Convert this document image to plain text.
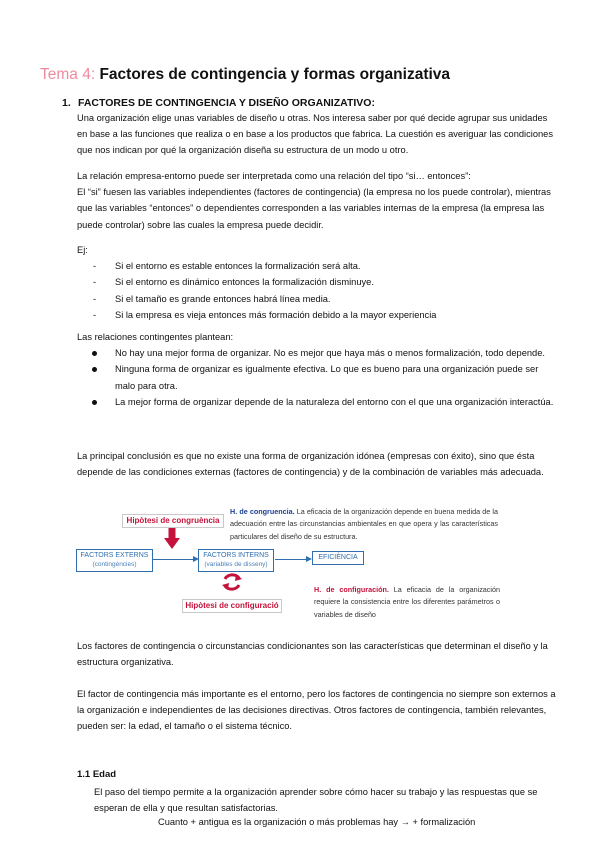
Tema 4: Factores de contingencia y formas organizativa
1. FACTORES DE CONTINGENCIA Y DISEÑO ORGANIZATIVO:

Una organización elige unas variables de diseño u otras. Nos interesa saber por qué decide agrupar sus unidades en base a las funciones que realiza o en base a los productos que fabrica. La cuestión es averiguar las condiciones que nos indican por qué la organización diseña su estructura de un modo u otro.

La relación empresa-entorno puede ser interpretada como una relación del tipo “si… entonces”:

El “si” fuesen las variables independientes (factores de contingencia) (la empresa no los puede controlar), mientras que las variables “entonces” o dependientes corresponden a las variables internas de la empresa (la empresa las puede controlar) sobre las cuales la empresa puede decidir.

Ej:

- Si el entorno es estable entonces la formalización será alta.
- Si el entorno es dinámico entonces la formalización disminuye.
- Si el tamaño es grande entonces habrá línea media.
- Si la empresa es vieja entonces más formación debido a la mayor experiencia

Las relaciones contingentes plantean:

No hay una mejor forma de organizar. No es mejor que haya más o menos formalización, todo depende.
Ninguna forma de organizar es igualmente efectiva. Lo que es bueno para una organización puede ser malo para otra.
La mejor forma de organizar depende de la naturaleza del entorno con el que una organización interactúa.

La principal conclusión es que no existe una forma de organización idónea (empresas con éxito), sino que ésta depende de las condiciones externas (factores de contingencia) y de la combinación de variables más adecuada.

Hipòtesi de congruència
FACTORS EXTERNS
(contingències)
FACTORS INTERNS
(variables de disseny)
EFICIÈNCIA
Hipòtesi de configuració
H. de congruencia. La eficacia de la organización depende en buena medida de la adecuación entre las circunstancias ambientales en que opera y las características particulares del diseño de su estructura.
H. de configuración. La eficacia de la organización requiere la consistencia entre los diferentes parámetros o variables de diseño

Los factores de contingencia o circunstancias condicionantes son las características que determinan el diseño y la estructura organizativa.

El factor de contingencia más importante es el entorno, pero los factores de contingencia no siempre son externos a la organización e independientes de las decisiones directivas. Otros factores de contingencia, también relevantes, pueden ser: la edad, el tamaño o el sistema técnico.

1.1 Edad

El paso del tiempo permite a la organización aprender sobre cómo hacer su trabajo y las respuestas que se esperan de ella y que resultan satisfactorias.

Cuanto + antigua es la organización o más problemas hay → + formalización
